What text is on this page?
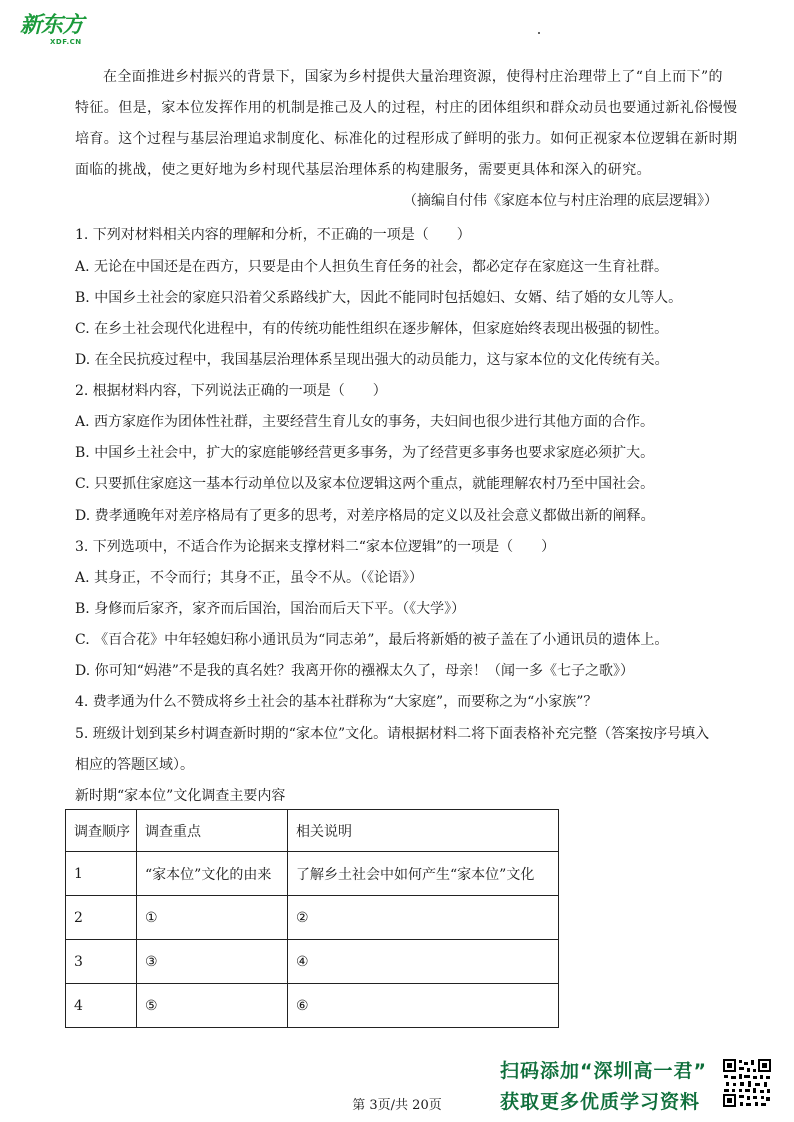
新东方
XDF.CN
在全面推进乡村振兴的背景下，国家为乡村提供大量治理资源，使得村庄治理带上了“自上而下”的
特征。但是，家本位发挥作用的机制是推己及人的过程，村庄的团体组织和群众动员也要通过新礼俗慢慢
培育。这个过程与基层治理追求制度化、标准化的过程形成了鲜明的张力。如何正视家本位逻辑在新时期
面临的挑战，使之更好地为乡村现代基层治理体系的构建服务，需要更具体和深入的研究。
（摘编自付伟《家庭本位与村庄治理的底层逻辑》）
1. 下列对材料相关内容的理解和分析，不正确的一项是（　　）
A. 无论在中国还是在西方，只要是由个人担负生育任务的社会，都必定存在家庭这一生育社群。
B. 中国乡土社会的家庭只沿着父系路线扩大，因此不能同时包括媳妇、女婿、结了婚的女儿等人。
C. 在乡土社会现代化进程中，有的传统功能性组织在逐步解体，但家庭始终表现出极强的韧性。
D. 在全民抗疫过程中，我国基层治理体系呈现出强大的动员能力，这与家本位的文化传统有关。
2. 根据材料内容，下列说法正确的一项是（　　）
A. 西方家庭作为团体性社群，主要经营生育儿女的事务，夫妇间也很少进行其他方面的合作。
B. 中国乡土社会中，扩大的家庭能够经营更多事务，为了经营更多事务也要求家庭必须扩大。
C. 只要抓住家庭这一基本行动单位以及家本位逻辑这两个重点，就能理解农村乃至中国社会。
D. 费孝通晚年对差序格局有了更多的思考，对差序格局的定义以及社会意义都做出新的阐释。
3. 下列选项中，不适合作为论据来支撑材料二“家本位逻辑”的一项是（　　）
A. 其身正，不令而行；其身不正，虽令不从。（《论语》）
B. 身修而后家齐，家齐而后国治，国治而后天下平。（《大学》）
C. 《百合花》中年轻媳妇称小通讯员为“同志弟”，最后将新婚的被子盖在了小通讯员的遗体上。
D. 你可知“妈港”不是我的真名姓？我离开你的襁褓太久了，母亲！（闻一多《七子之歌》）
4. 费孝通为什么不赞成将乡土社会的基本社群称为“大家庭”，而要称之为“小家族”？
5. 班级计划到某乡村调查新时期的“家本位”文化。请根据材料二将下面表格补充完整（答案按序号填入
相应的答题区域）。
新时期“家本位”文化调查主要内容
调查顺序	调查重点	相关说明
1	“家本位”文化的由来	了解乡土社会中如何产生“家本位”文化
2	①	②
3	③	④
4	⑤	⑥
扫码添加“深圳高一君”
获取更多优质学习资料
第 3页/共 20页
